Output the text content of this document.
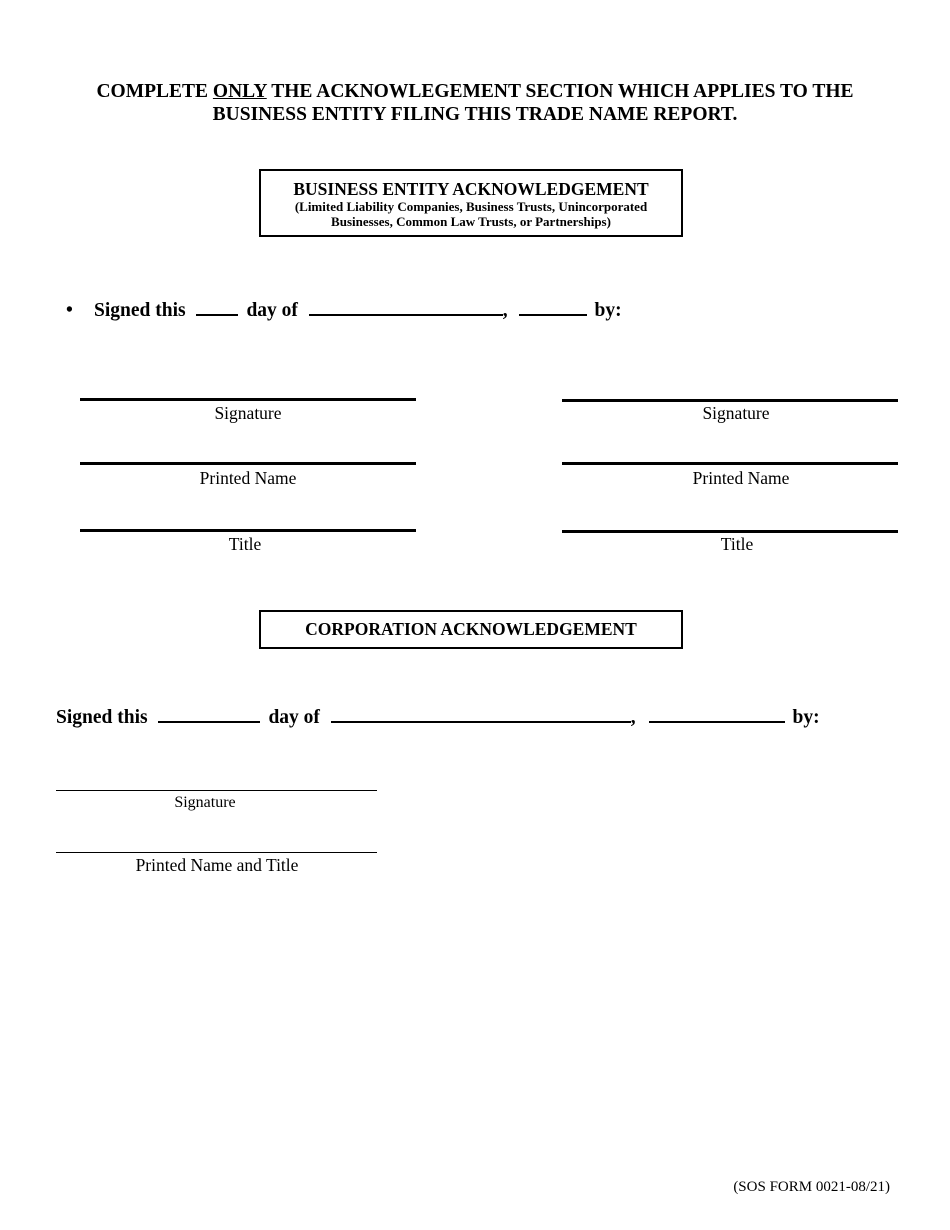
COMPLETE ONLY THE ACKNOWLEGEMENT SECTION WHICH APPLIES TO THE
BUSINESS ENTITY FILING THIS TRADE NAME REPORT.
BUSINESS ENTITY ACKNOWLEDGEMENT
(Limited Liability Companies, Business Trusts, Unincorporated
Businesses, Common Law Trusts, or Partnerships)
• Signed this	day of	,	by:
Signature
Printed Name
Title
Signature
Printed Name
Title
CORPORATION ACKNOWLEDGEMENT
Signed this	day of	,	by:
Signature
Printed Name and Title
(SOS FORM 0021-08/21)
